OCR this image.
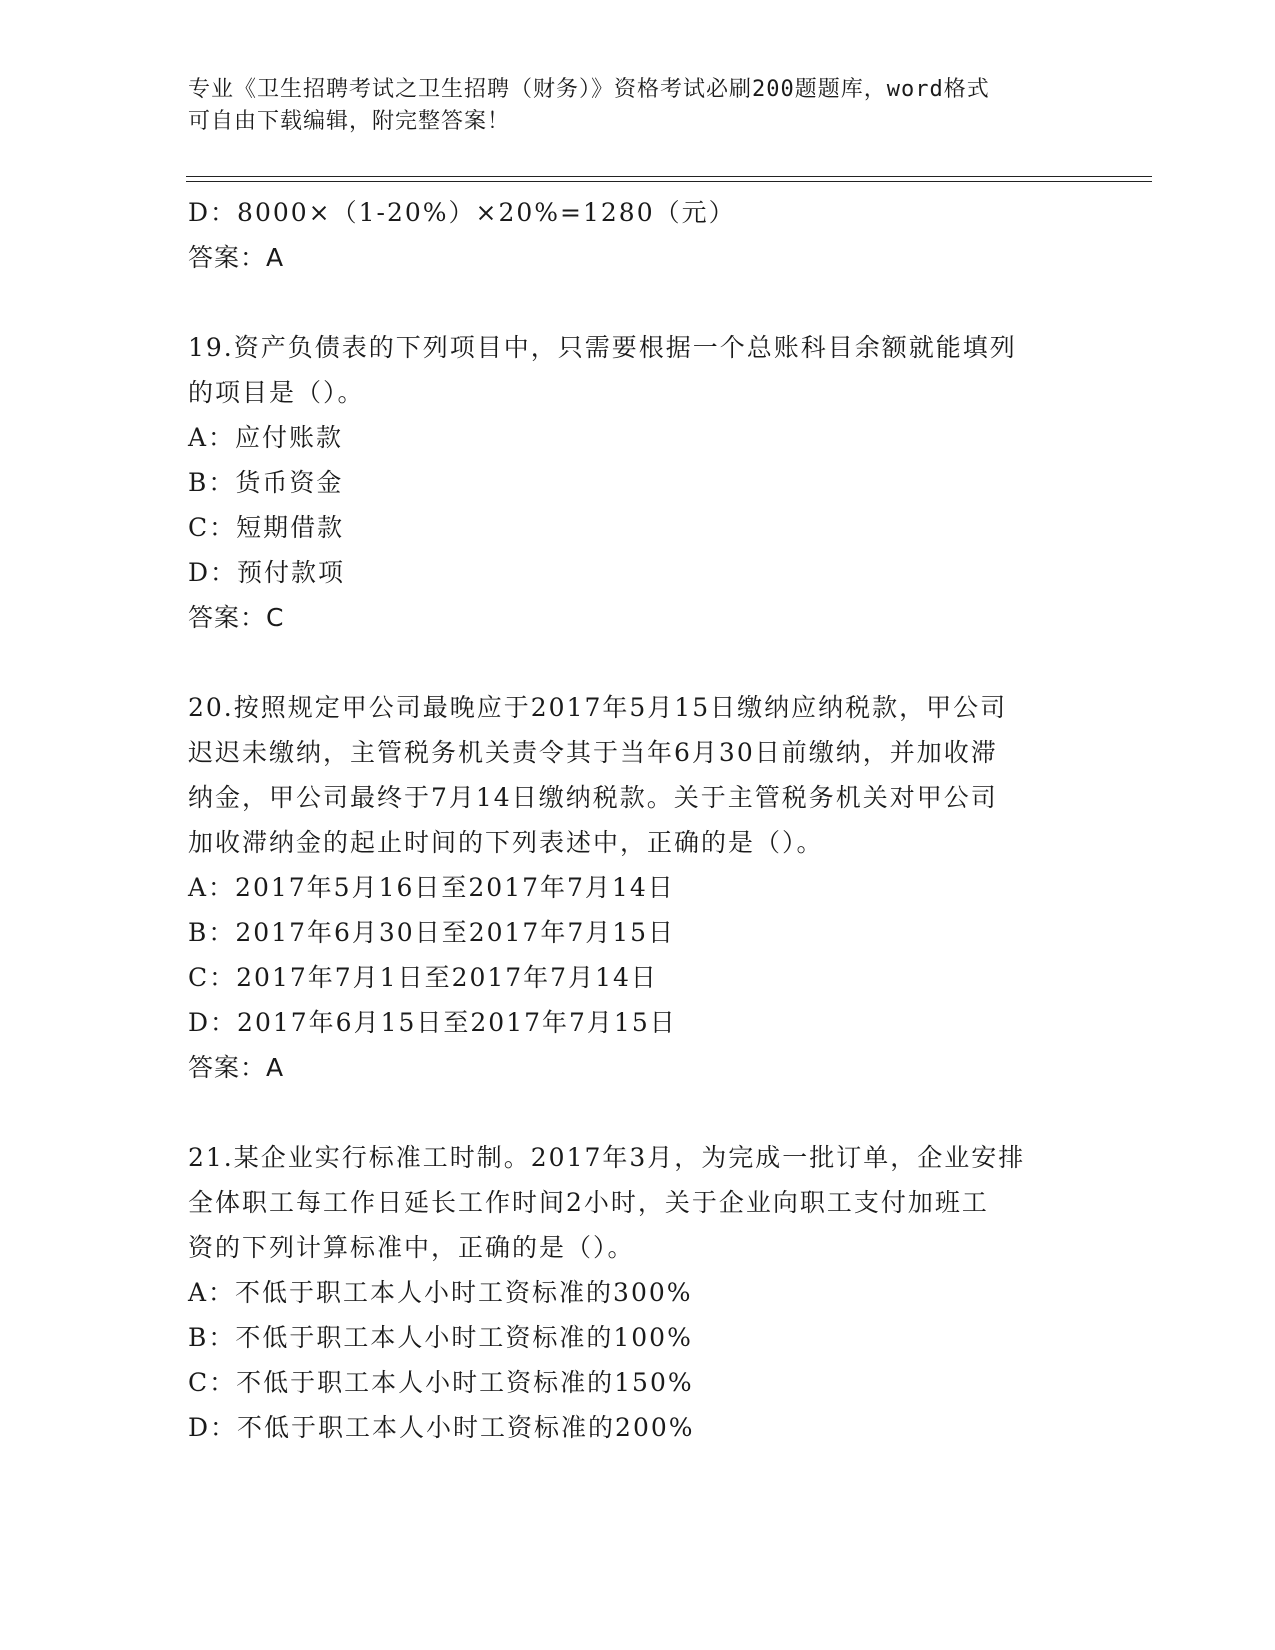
专业《卫生招聘考试之卫生招聘（财务）》资格考试必刷200题题库，word格式
可自由下载编辑，附完整答案！
D：8000×（1-20%）×20%=1280（元）
答案：A
19.资产负债表的下列项目中，只需要根据一个总账科目余额就能填列
的项目是（）。
A：应付账款
B：货币资金
C：短期借款
D：预付款项
答案：C
20.按照规定甲公司最晚应于2017年5月15日缴纳应纳税款，甲公司
迟迟未缴纳，主管税务机关责令其于当年6月30日前缴纳，并加收滞
纳金，甲公司最终于7月14日缴纳税款。关于主管税务机关对甲公司
加收滞纳金的起止时间的下列表述中，正确的是（）。
A：2017年5月16日至2017年7月14日
B：2017年6月30日至2017年7月15日
C：2017年7月1日至2017年7月14日
D：2017年6月15日至2017年7月15日
答案：A
21.某企业实行标准工时制。2017年3月，为完成一批订单，企业安排
全体职工每工作日延长工作时间2小时，关于企业向职工支付加班工
资的下列计算标准中，正确的是（）。
A：不低于职工本人小时工资标准的300%
B：不低于职工本人小时工资标准的100%
C：不低于职工本人小时工资标准的150%
D：不低于职工本人小时工资标准的200%
